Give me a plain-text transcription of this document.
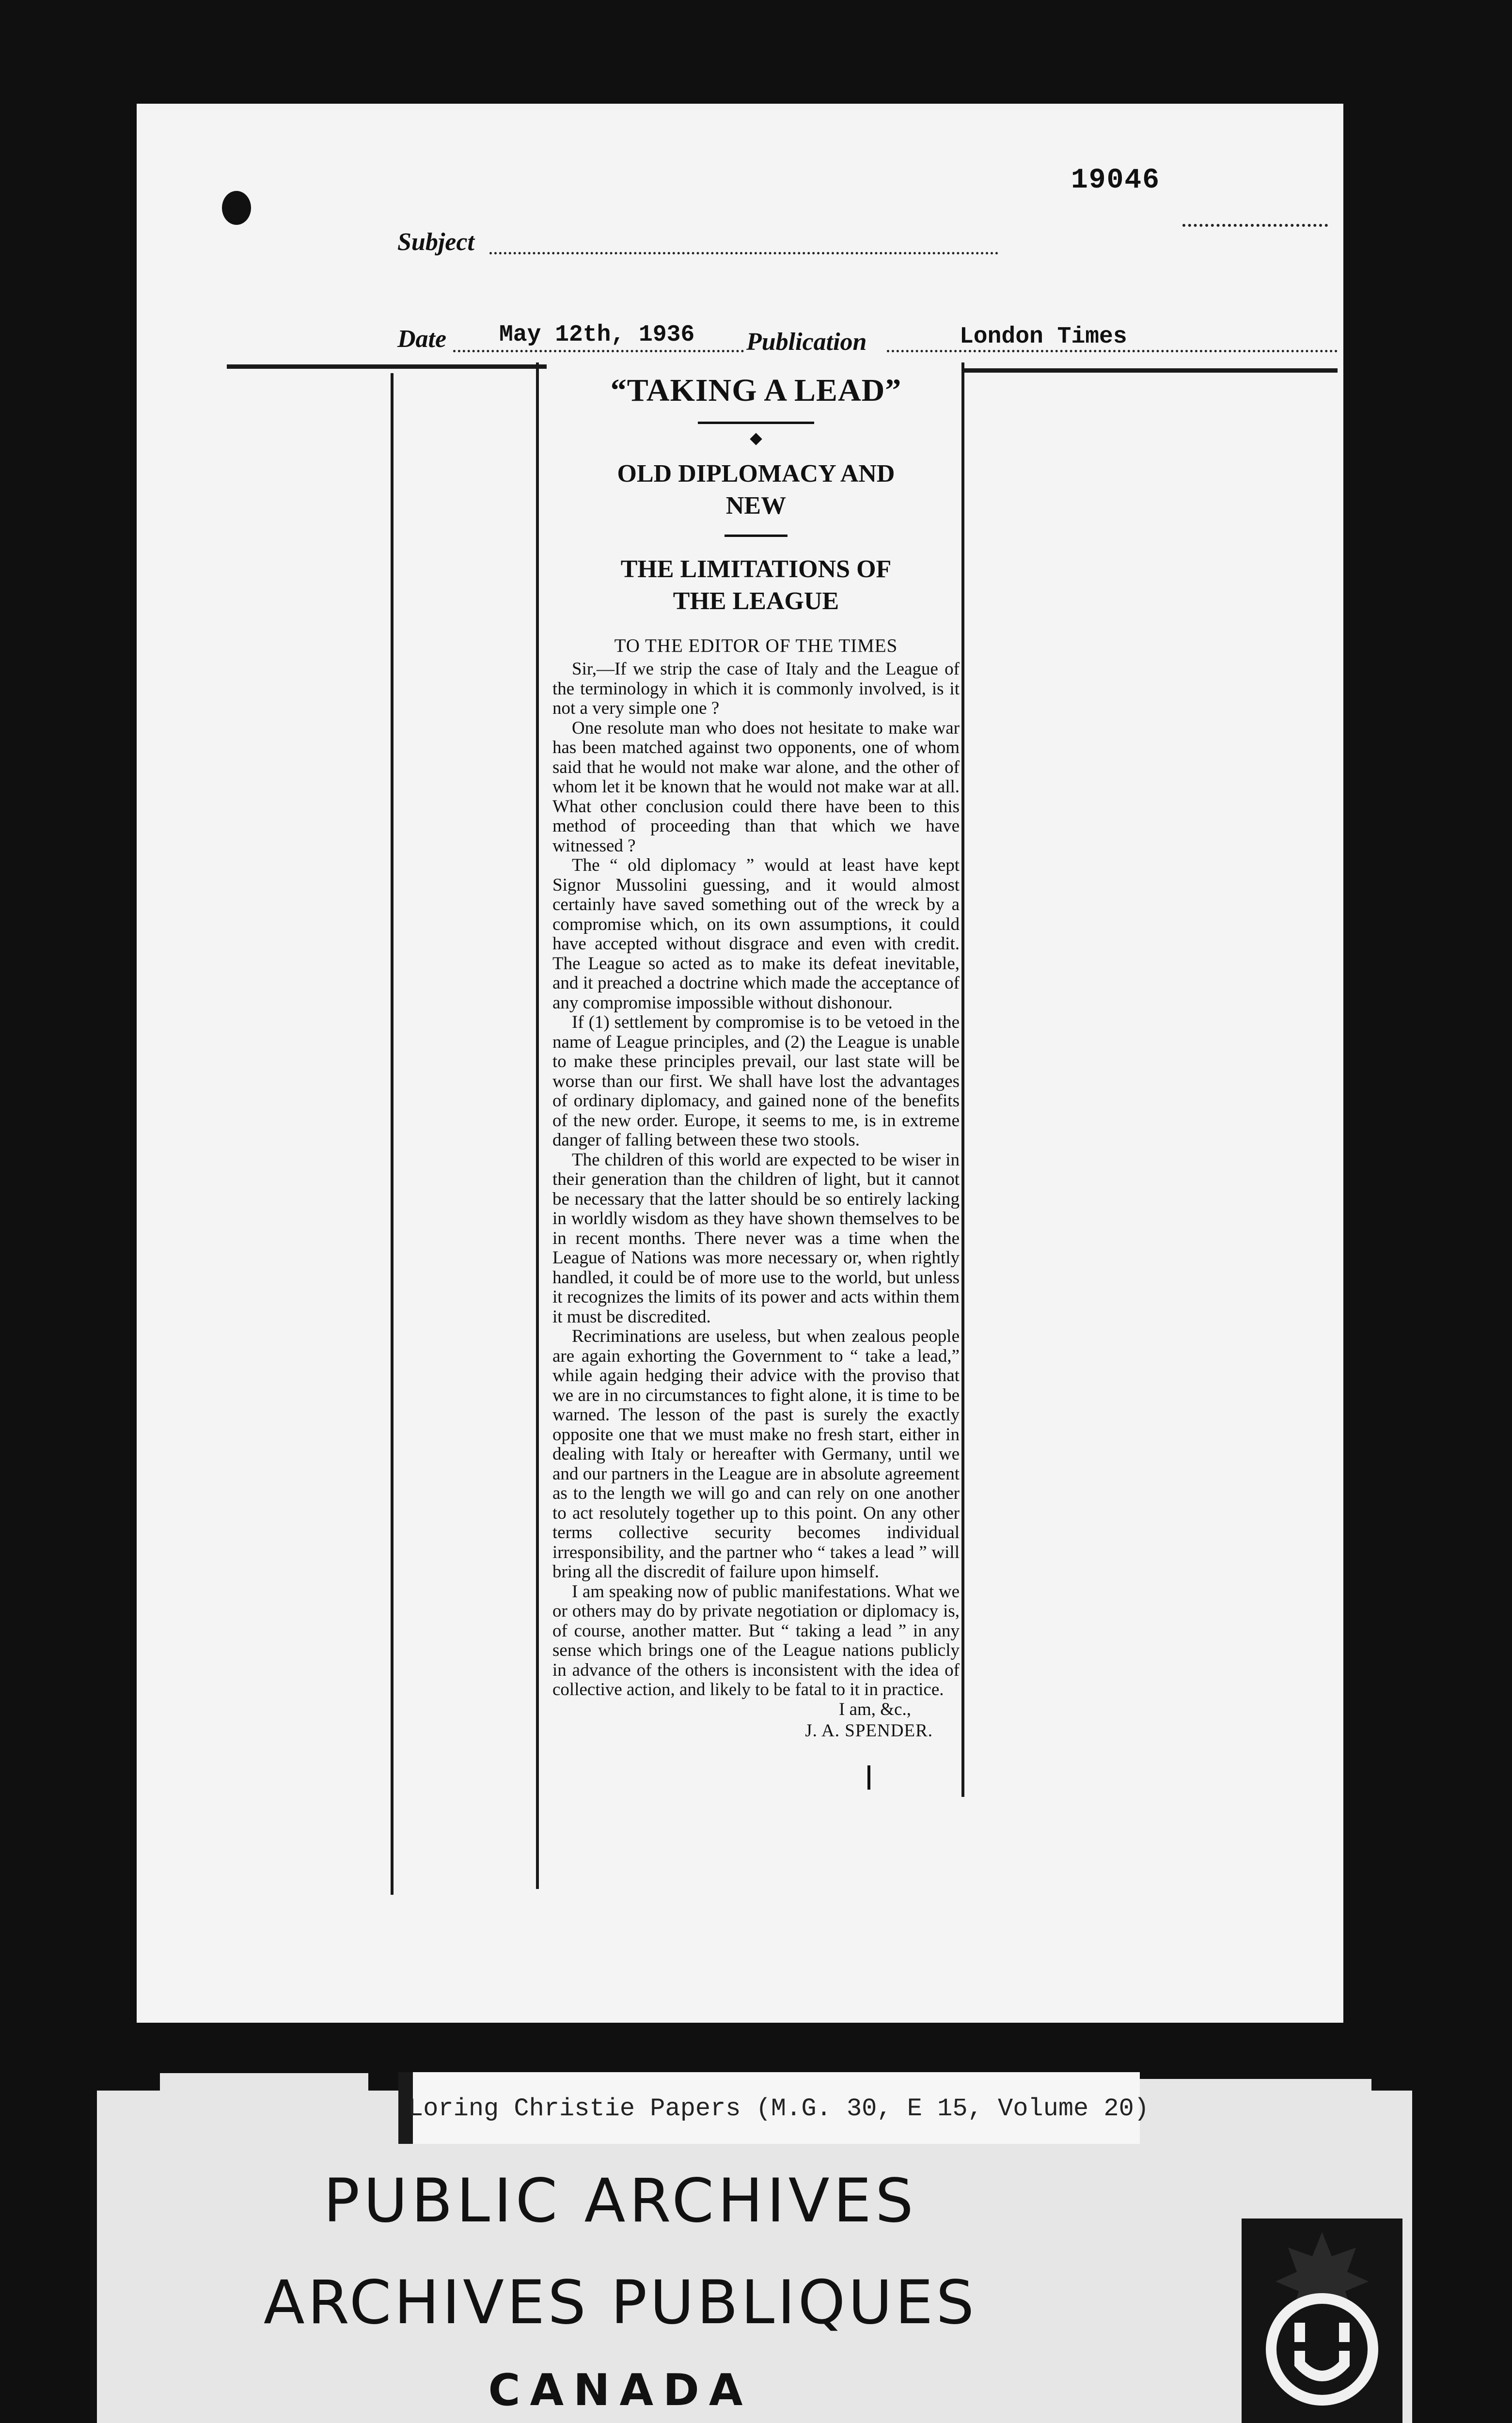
19046
Subject
Date May 12th, 1936 Publication	London Times
“TAKING A LEAD”
OLD DIPLOMACY AND NEW
THE LIMITATIONS OF THE LEAGUE
TO THE EDITOR OF THE TIMES

Sir,—If we strip the case of Italy and the League of the terminology in which it is commonly involved, is it not a very simple one ?

One resolute man who does not hesitate to make war has been matched against two opponents, one of whom said that he would not make war alone, and the other of whom let it be known that he would not make war at all. What other conclusion could there have been to this method of proceeding than that which we have witnessed ?

The “ old diplomacy ” would at least have kept Signor Mussolini guessing, and it would almost certainly have saved something out of the wreck by a compromise which, on its own assumptions, it could have accepted without disgrace and even with credit. The League so acted as to make its defeat inevitable, and it preached a doctrine which made the acceptance of any compromise impossible without dishonour.

If (1) settlement by compromise is to be vetoed in the name of League principles, and (2) the League is unable to make these principles prevail, our last state will be worse than our first. We shall have lost the advantages of ordinary diplomacy, and gained none of the benefits of the new order. Europe, it seems to me, is in extreme danger of falling between these two stools.

The children of this world are expected to be wiser in their generation than the children of light, but it cannot be necessary that the latter should be so entirely lacking in worldly wisdom as they have shown themselves to be in recent months. There never was a time when the League of Nations was more necessary or, when rightly handled, it could be of more use to the world, but unless it recognizes the limits of its power and acts within them it must be discredited.

Recriminations are useless, but when zealous people are again exhorting the Government to “ take a lead,” while again hedging their advice with the proviso that we are in no circumstances to fight alone, it is time to be warned. The lesson of the past is surely the exactly opposite one that we must make no fresh start, either in dealing with Italy or hereafter with Germany, until we and our partners in the League are in absolute agreement as to the length we will go and can rely on one another to act resolutely together up to this point. On any other terms collective security becomes individual irresponsibility, and the partner who “ takes a lead ” will bring all the discredit of failure upon himself.

I am speaking now of public manifestations. What we or others may do by private negotiation or diplomacy is, of course, another matter. But “ taking a lead ” in any sense which brings one of the League nations publicly in advance of the others is inconsistent with the idea of collective action, and likely to be fatal to it in practice.

I am, &c.,

J. A. SPENDER.

Loring Christie Papers (M.G. 30, E 15, Volume 20)
PUBLIC ARCHIVES
ARCHIVES PUBLIQUES
CANADA
